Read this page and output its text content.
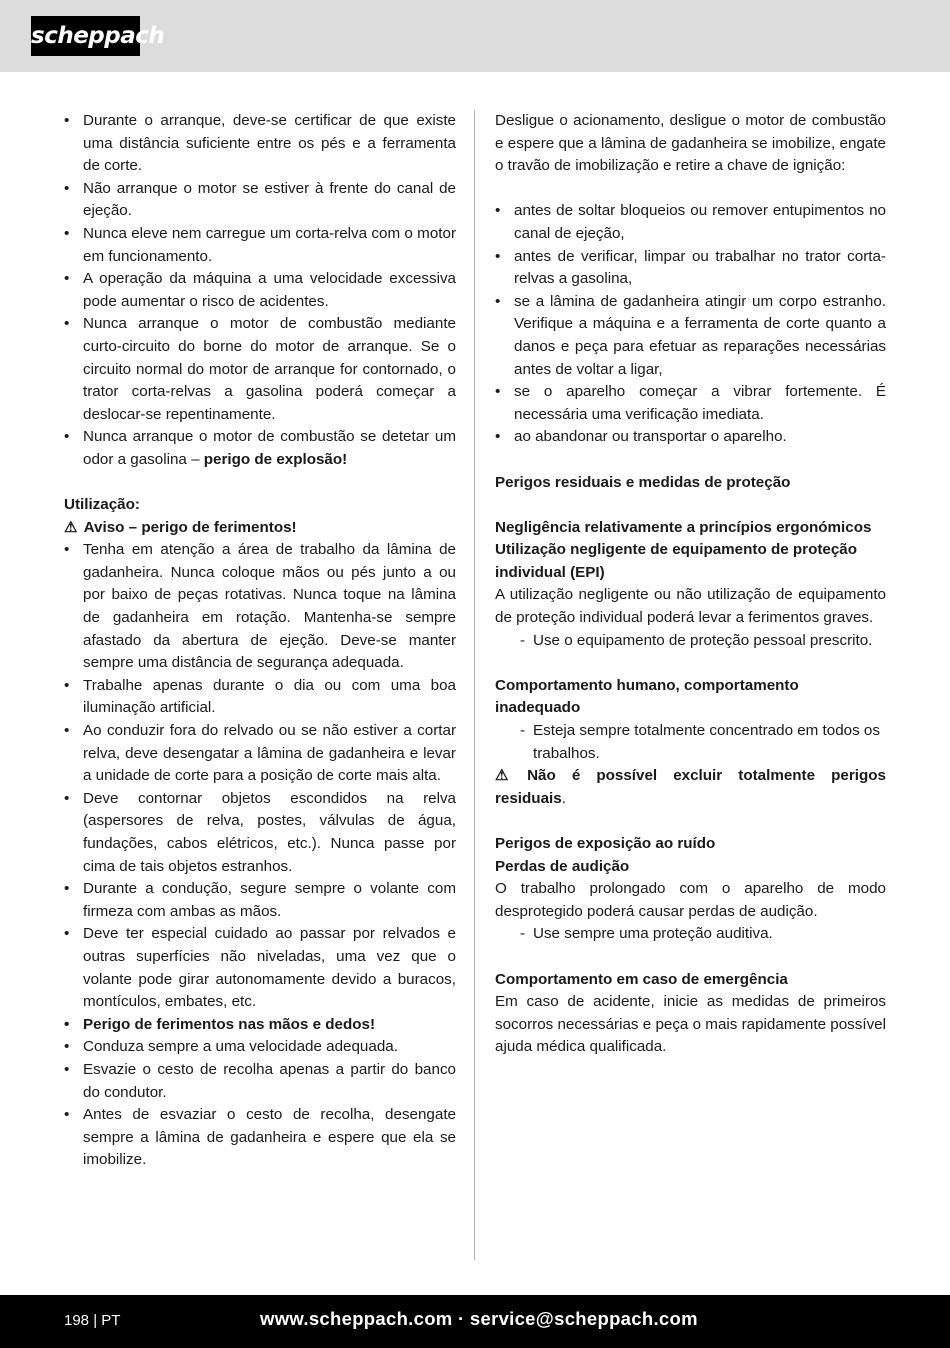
scheppach
• Durante o arranque, deve-se certificar de que existe uma distância suficiente entre os pés e a ferramenta de corte.
• Não arranque o motor se estiver à frente do canal de ejeção.
• Nunca eleve nem carregue um corta-relva com o motor em funcionamento.
• A operação da máquina a uma velocidade excessiva pode aumentar o risco de acidentes.
• Nunca arranque o motor de combustão mediante curto-circuito do borne do motor de arranque. Se o circuito normal do motor de arranque for contornado, o trator corta-relvas a gasolina poderá começar a deslocar-se repentinamente.
• Nunca arranque o motor de combustão se detetar um odor a gasolina – perigo de explosão!

Utilização:

⚠ Aviso – perigo de ferimentos!

• Tenha em atenção a área de trabalho da lâmina de gadanheira. Nunca coloque mãos ou pés junto a ou por baixo de peças rotativas. Nunca toque na lâmina de gadanheira em rotação. Mantenha-se sempre afastado da abertura de ejeção. Deve-se manter sempre uma distância de segurança adequada.
• Trabalhe apenas durante o dia ou com uma boa iluminação artificial.
• Ao conduzir fora do relvado ou se não estiver a cortar relva, deve desengatar a lâmina de gadanheira e levar a unidade de corte para a posição de corte mais alta.
• Deve contornar objetos escondidos na relva (aspersores de relva, postes, válvulas de água, fundações, cabos elétricos, etc.). Nunca passe por cima de tais objetos estranhos.
• Durante a condução, segure sempre o volante com firmeza com ambas as mãos.
• Deve ter especial cuidado ao passar por relvados e outras superfícies não niveladas, uma vez que o volante pode girar autonomamente devido a buracos, montículos, embates, etc.
• Perigo de ferimentos nas mãos e dedos!
• Conduza sempre a uma velocidade adequada.
• Esvazie o cesto de recolha apenas a partir do banco do condutor.
• Antes de esvaziar o cesto de recolha, desengate sempre a lâmina de gadanheira e espere que ela se imobilize.

Desligue o acionamento, desligue o motor de combustão e espere que a lâmina de gadanheira se imobilize, engate o travão de imobilização e retire a chave de ignição:

• antes de soltar bloqueios ou remover entupimentos no canal de ejeção,
• antes de verificar, limpar ou trabalhar no trator corta-relvas a gasolina,
• se a lâmina de gadanheira atingir um corpo estranho. Verifique a máquina e a ferramenta de corte quanto a danos e peça para efetuar as reparações necessárias antes de voltar a ligar,
• se o aparelho começar a vibrar fortemente. É necessária uma verificação imediata.
• ao abandonar ou transportar o aparelho.

Perigos residuais e medidas de proteção

Negligência relativamente a princípios ergonómicos

Utilização negligente de equipamento de proteção individual (EPI)

A utilização negligente ou não utilização de equipamento de proteção individual poderá levar a ferimentos graves.

- Use o equipamento de proteção pessoal prescrito.

Comportamento humano, comportamento inadequado

- Esteja sempre totalmente concentrado em todos os trabalhos.

⚠ Não é possível excluir totalmente perigos residuais.

Perigos de exposição ao ruído

Perdas de audição

O trabalho prolongado com o aparelho de modo desprotegido poderá causar perdas de audição.

- Use sempre uma proteção auditiva.

Comportamento em caso de emergência

Em caso de acidente, inicie as medidas de primeiros socorros necessárias e peça o mais rapidamente possível ajuda médica qualificada.

198 | PT	www.scheppach.com · service@scheppach.com
